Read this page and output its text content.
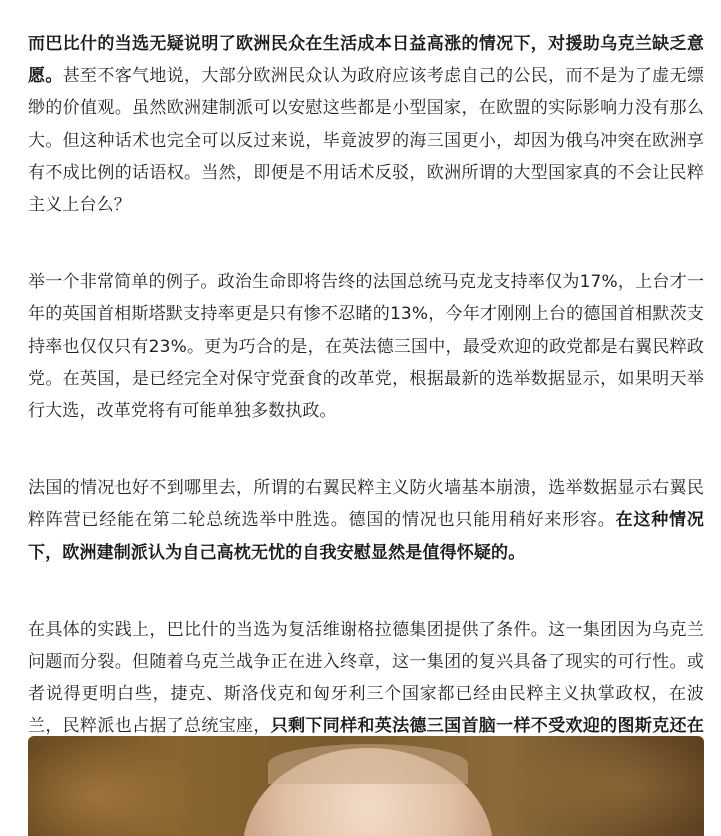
而巴比什的当选无疑说明了欧洲民众在生活成本日益高涨的情况下，对援助乌克兰缺乏意愿。甚至不客气地说，大部分欧洲民众认为政府应该考虑自己的公民，而不是为了虚无缥缈的价值观。虽然欧洲建制派可以安慰这些都是小型国家，在欧盟的实际影响力没有那么大。但这种话术也完全可以反过来说，毕竟波罗的海三国更小，却因为俄乌冲突在欧洲享有不成比例的话语权。当然，即便是不用话术反驳，欧洲所谓的大型国家真的不会让民粹主义上台么？

举一个非常简单的例子。政治生命即将告终的法国总统马克龙支持率仅为17%，上台才一年的英国首相斯塔默支持率更是只有惨不忍睹的13%，今年才刚刚上台的德国首相默茨支持率也仅仅只有23%。更为巧合的是，在英法德三国中，最受欢迎的政党都是右翼民粹政党。在英国，是已经完全对保守党蚕食的改革党，根据最新的选举数据显示，如果明天举行大选，改革党将有可能单独多数执政。

法国的情况也好不到哪里去，所谓的右翼民粹主义防火墙基本崩溃，选举数据显示右翼民粹阵营已经能在第二轮总统选举中胜选。德国的情况也只能用稍好来形容。在这种情况下，欧洲建制派认为自己高枕无忧的自我安慰显然是值得怀疑的。

在具体的实践上，巴比什的当选为复活维谢格拉德集团提供了条件。这一集团因为乌克兰问题而分裂。但随着乌克兰战争正在进入终章，这一集团的复兴具备了现实的可行性。或者说得更明白些，捷克、斯洛伐克和匈牙利三个国家都已经由民粹主义执掌政权，在波兰，民粹派也占据了总统宝座，只剩下同样和英法德三国首脑一样不受欢迎的图斯克还在
